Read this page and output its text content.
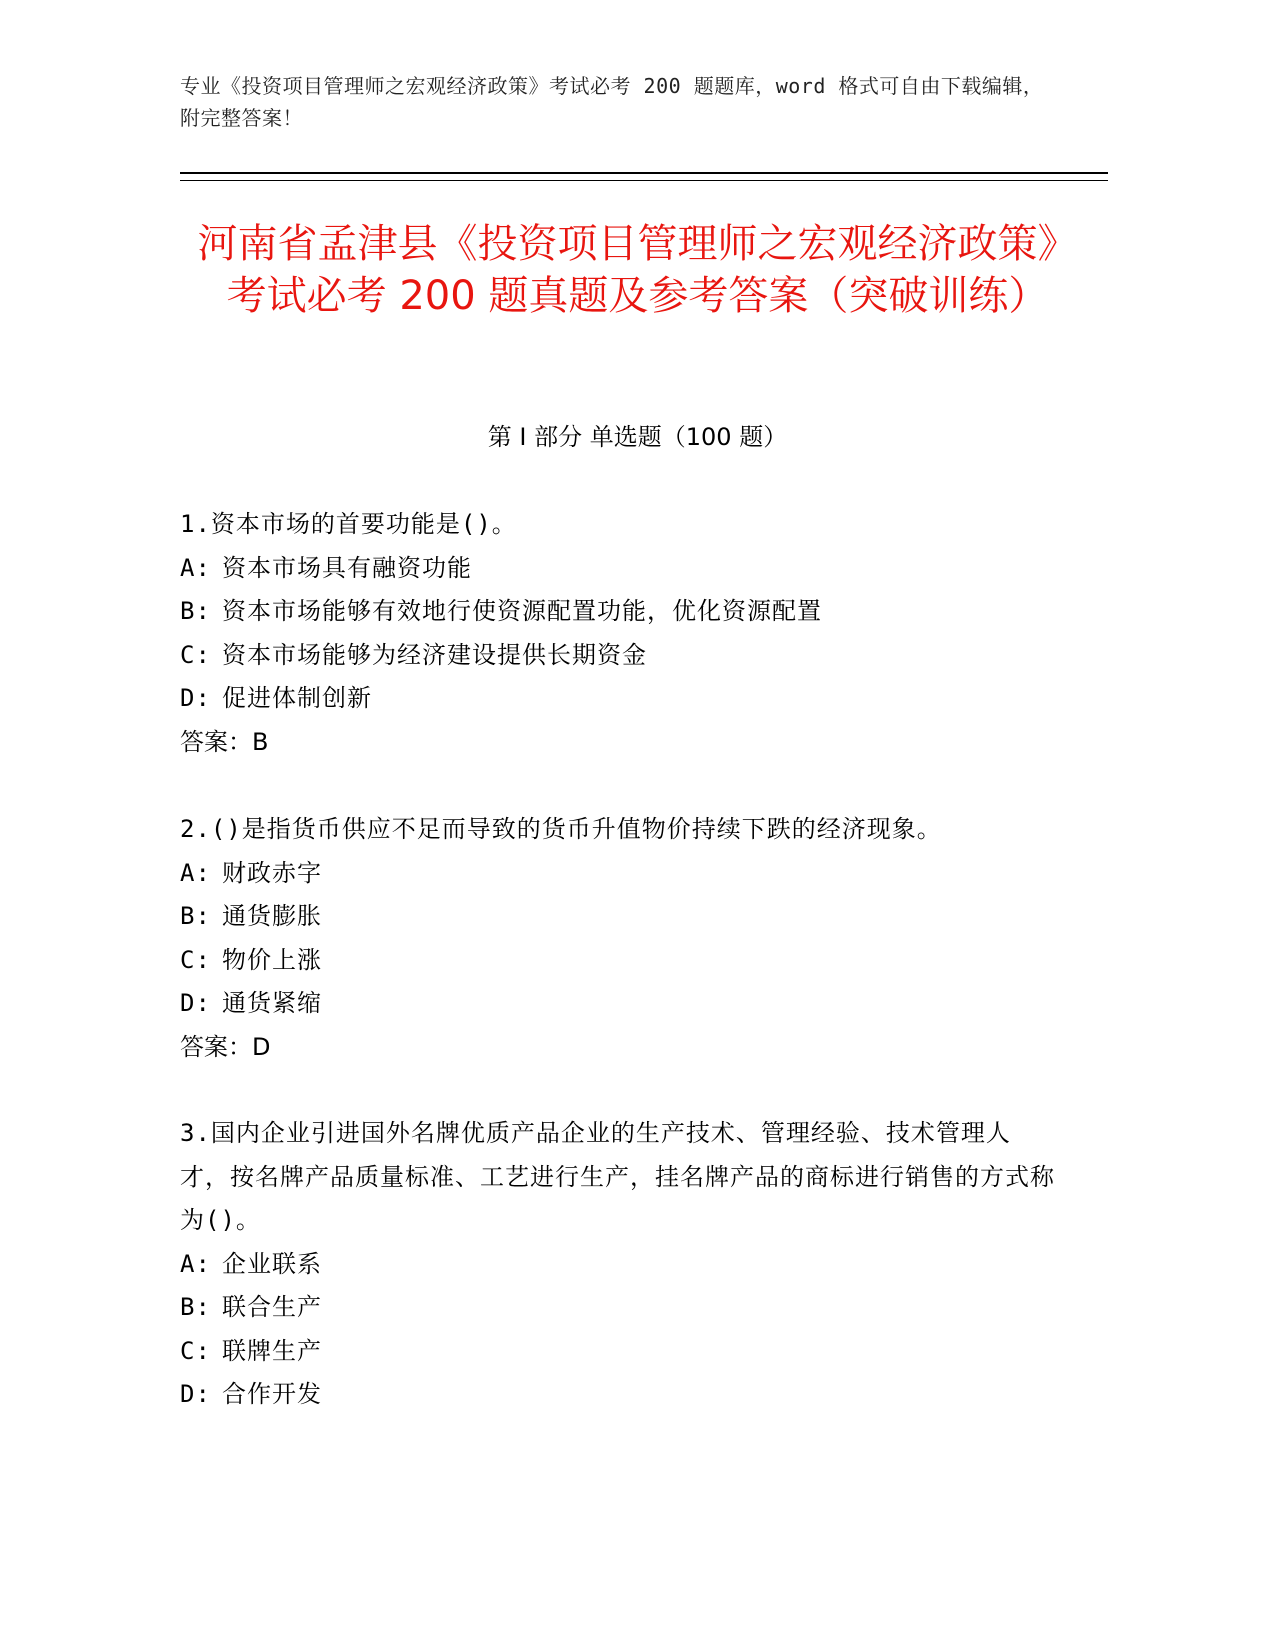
专业《投资项目管理师之宏观经济政策》考试必考 200 题题库，word 格式可自由下载编辑，附完整答案！
河南省孟津县《投资项目管理师之宏观经济政策》考试必考 200 题真题及参考答案（突破训练）
第 I 部分 单选题（100 题）
1.资本市场的首要功能是()。
A: 资本市场具有融资功能
B: 资本市场能够有效地行使资源配置功能，优化资源配置
C: 资本市场能够为经济建设提供长期资金
D: 促进体制创新
答案：B
2.()是指货币供应不足而导致的货币升值物价持续下跌的经济现象。
A: 财政赤字
B: 通货膨胀
C: 物价上涨
D: 通货紧缩
答案：D
3.国内企业引进国外名牌优质产品企业的生产技术、管理经验、技术管理人才，按名牌产品质量标准、工艺进行生产，挂名牌产品的商标进行销售的方式称为()。
A: 企业联系
B: 联合生产
C: 联牌生产
D: 合作开发
